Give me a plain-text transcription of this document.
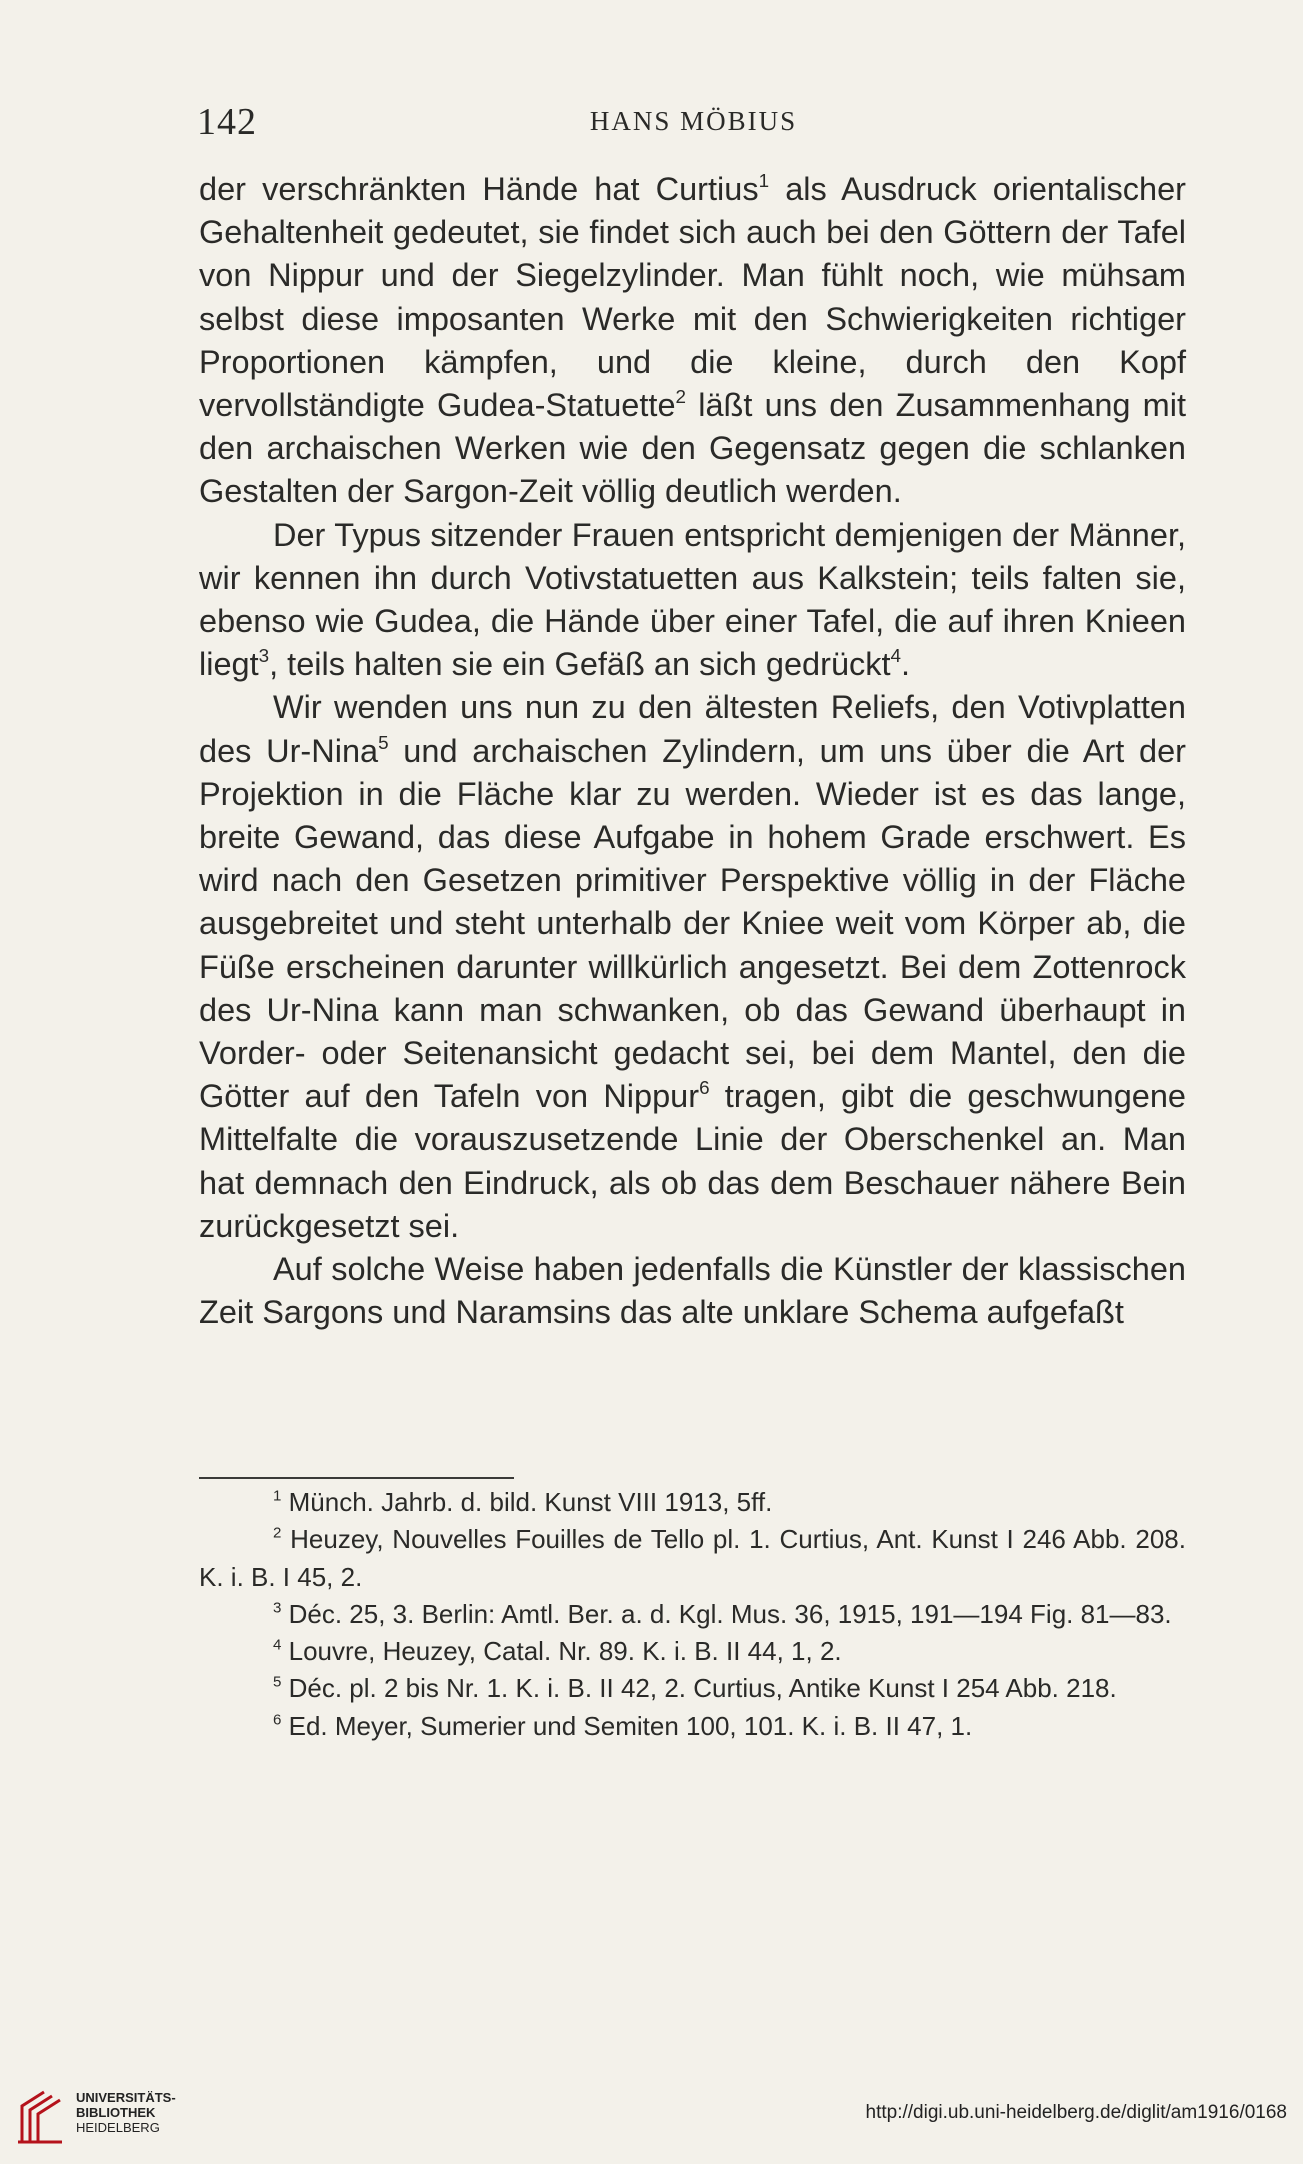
142	HANS MÖBIUS

der verschränkten Hände hat Curtius$^1$ als Ausdruck orientalischer Gehaltenheit gedeutet, sie findet sich auch bei den Göttern der Tafel von Nippur und der Siegelzylinder. Man fühlt noch, wie mühsam selbst diese imposanten Werke mit den Schwierigkeiten richtiger Proportionen kämpfen, und die kleine, durch den Kopf vervollständigte Gudea-Statuette$^2$ läßt uns den Zusammenhang mit den archaischen Werken wie den Gegensatz gegen die schlanken Gestalten der Sargon-Zeit völlig deutlich werden.

Der Typus sitzender Frauen entspricht demjenigen der Männer, wir kennen ihn durch Votivstatuetten aus Kalkstein; teils falten sie, ebenso wie Gudea, die Hände über einer Tafel, die auf ihren Knieen liegt$^3$, teils halten sie ein Gefäß an sich gedrückt$^4$.

Wir wenden uns nun zu den ältesten Reliefs, den Votivplatten des Ur-Nina$^5$ und archaischen Zylindern, um uns über die Art der Projektion in die Fläche klar zu werden. Wieder ist es das lange, breite Gewand, das diese Aufgabe in hohem Grade erschwert. Es wird nach den Gesetzen primitiver Perspektive völlig in der Fläche ausgebreitet und steht unterhalb der Kniee weit vom Körper ab, die Füße erscheinen darunter willkürlich angesetzt. Bei dem Zottenrock des Ur-Nina kann man schwanken, ob das Gewand überhaupt in Vorder- oder Seitenansicht gedacht sei, bei dem Mantel, den die Götter auf den Tafeln von Nippur$^6$ tragen, gibt die geschwungene Mittelfalte die vorauszusetzende Linie der Oberschenkel an. Man hat demnach den Eindruck, als ob das dem Beschauer nähere Bein zurückgesetzt sei.

Auf solche Weise haben jedenfalls die Künstler der klassischen Zeit Sargons und Naramsins das alte unklare Schema aufgefaßt

$^1$ Münch. Jahrb. d. bild. Kunst VIII 1913, 5ff.

$^2$ Heuzey, Nouvelles Fouilles de Tello pl. 1. Curtius, Ant. Kunst I 246 Abb. 208. K. i. B. I 45, 2.

$^3$ Déc. 25, 3. Berlin: Amtl. Ber. a. d. Kgl. Mus. 36, 1915, 191—194 Fig. 81—83.

$^4$ Louvre, Heuzey, Catal. Nr. 89. K. i. B. II 44, 1, 2.

$^5$ Déc. pl. 2 bis Nr. 1. K. i. B. II 42, 2. Curtius, Antike Kunst I 254 Abb. 218.

$^6$ Ed. Meyer, Sumerier und Semiten 100, 101. K. i. B. II 47, 1.

UNIVERSITÄTS-
BIBLIOTHEK
HEIDELBERG
http://digi.ub.uni-heidelberg.de/diglit/am1916/0168
